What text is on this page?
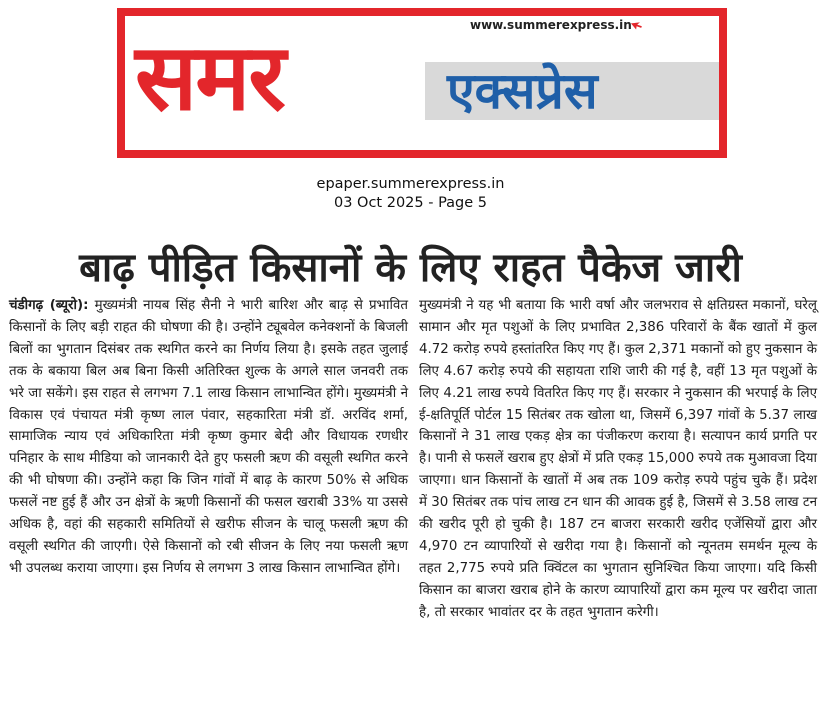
समर	एक्सप्रेस
www.summerexpress.in
epaper.summerexpress.in
03 Oct 2025 - Page 5
बाढ़ पीड़ित किसानों के लिए राहत पैकेज जारी

चंडीगढ़ (ब्यूरो): मुख्यमंत्री नायब सिंह सैनी ने भारी बारिश और बाढ़ से प्रभावित किसानों के लिए बड़ी राहत की घोषणा की है। उन्होंने ट्यूबवेल कनेक्शनों के बिजली बिलों का भुगतान दिसंबर तक स्थगित करने का निर्णय लिया है। इसके तहत जुलाई तक के बकाया बिल अब बिना किसी अतिरिक्त शुल्क के अगले साल जनवरी तक भरे जा सकेंगे। इस राहत से लगभग 7.1 लाख किसान लाभान्वित होंगे। मुख्यमंत्री ने विकास एवं पंचायत मंत्री कृष्ण लाल पंवार, सहकारिता मंत्री डॉ. अरविंद शर्मा, सामाजिक न्याय एवं अधिकारिता मंत्री कृष्ण कुमार बेदी और विधायक रणधीर पनिहार के साथ मीडिया को जानकारी देते हुए फसली ऋण की वसूली स्थगित करने की भी घोषणा की। उन्होंने कहा कि जिन गांवों में बाढ़ के कारण 50% से अधिक फसलें नष्ट हुई हैं और उन क्षेत्रों के ऋणी किसानों की फसल खराबी 33% या उससे अधिक है, वहां की सहकारी समितियों से खरीफ सीजन के चालू फसली ऋण की वसूली स्थगित की जाएगी। ऐसे किसानों को रबी सीजन के लिए नया फसली ऋण भी उपलब्ध कराया जाएगा। इस निर्णय से लगभग 3 लाख किसान लाभान्वित होंगे।

मुख्यमंत्री ने यह भी बताया कि भारी वर्षा और जलभराव से क्षतिग्रस्त मकानों, घरेलू सामान और मृत पशुओं के लिए प्रभावित 2,386 परिवारों के बैंक खातों में कुल 4.72 करोड़ रुपये हस्तांतरित किए गए हैं। कुल 2,371 मकानों को हुए नुकसान के लिए 4.67 करोड़ रुपये की सहायता राशि जारी की गई है, वहीं 13 मृत पशुओं के लिए 4.21 लाख रुपये वितरित किए गए हैं। सरकार ने नुकसान की भरपाई के लिए ई-क्षतिपूर्ति पोर्टल 15 सितंबर तक खोला था, जिसमें 6,397 गांवों के 5.37 लाख किसानों ने 31 लाख एकड़ क्षेत्र का पंजीकरण कराया है। सत्यापन कार्य प्रगति पर है। पानी से फसलें खराब हुए क्षेत्रों में प्रति एकड़ 15,000 रुपये तक मुआवजा दिया जाएगा। धान किसानों के खातों में अब तक 109 करोड़ रुपये पहुंच चुके हैं। प्रदेश में 30 सितंबर तक पांच लाख टन धान की आवक हुई है, जिसमें से 3.58 लाख टन की खरीद पूरी हो चुकी है। 187 टन बाजरा सरकारी खरीद एजेंसियों द्वारा और 4,970 टन व्यापारियों से खरीदा गया है। किसानों को न्यूनतम समर्थन मूल्य के तहत 2,775 रुपये प्रति क्विंटल का भुगतान सुनिश्चित किया जाएगा। यदि किसी किसान का बाजरा खराब होने के कारण व्यापारियों द्वारा कम मूल्य पर खरीदा जाता है, तो सरकार भावांतर दर के तहत भुगतान करेगी।
